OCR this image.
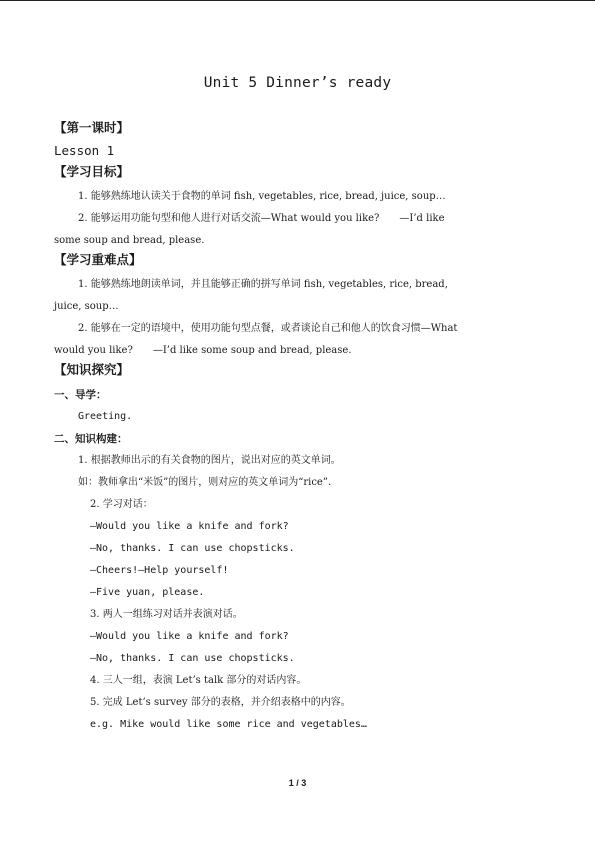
Unit 5 Dinner’s ready
【第一课时】
Lesson 1
【学习目标】
1. 能够熟练地认读关于食物的单词 fish, vegetables, rice, bread, juice, soup…
2. 能够运用功能句型和他人进行对话交流—What would you like?　　—I’d like
some soup and bread, please.
【学习重难点】
1. 能够熟练地朗读单词，并且能够正确的拼写单词 fish, vegetables, rice, bread,
juice, soup…
2. 能够在一定的语境中，使用功能句型点餐，或者谈论自己和他人的饮食习惯—What
would you like?　　—I’d like some soup and bread, please.
【知识探究】
一、导学：
Greeting.
二、知识构建：
1. 根据教师出示的有关食物的图片，说出对应的英文单词。
如：教师拿出“米饭”的图片，则对应的英文单词为“rice”.
2. 学习对话：
—Would you like a knife and fork?
—No, thanks. I can use chopsticks.
—Cheers!—Help yourself!
—Five yuan, please.
3. 两人一组练习对话并表演对话。
—Would you like a knife and fork?
—No, thanks. I can use chopsticks.
4. 三人一组，表演 Let’s talk 部分的对话内容。
5. 完成 Let’s survey 部分的表格，并介绍表格中的内容。
e.g. Mike would like some rice and vegetables…
1 / 3
